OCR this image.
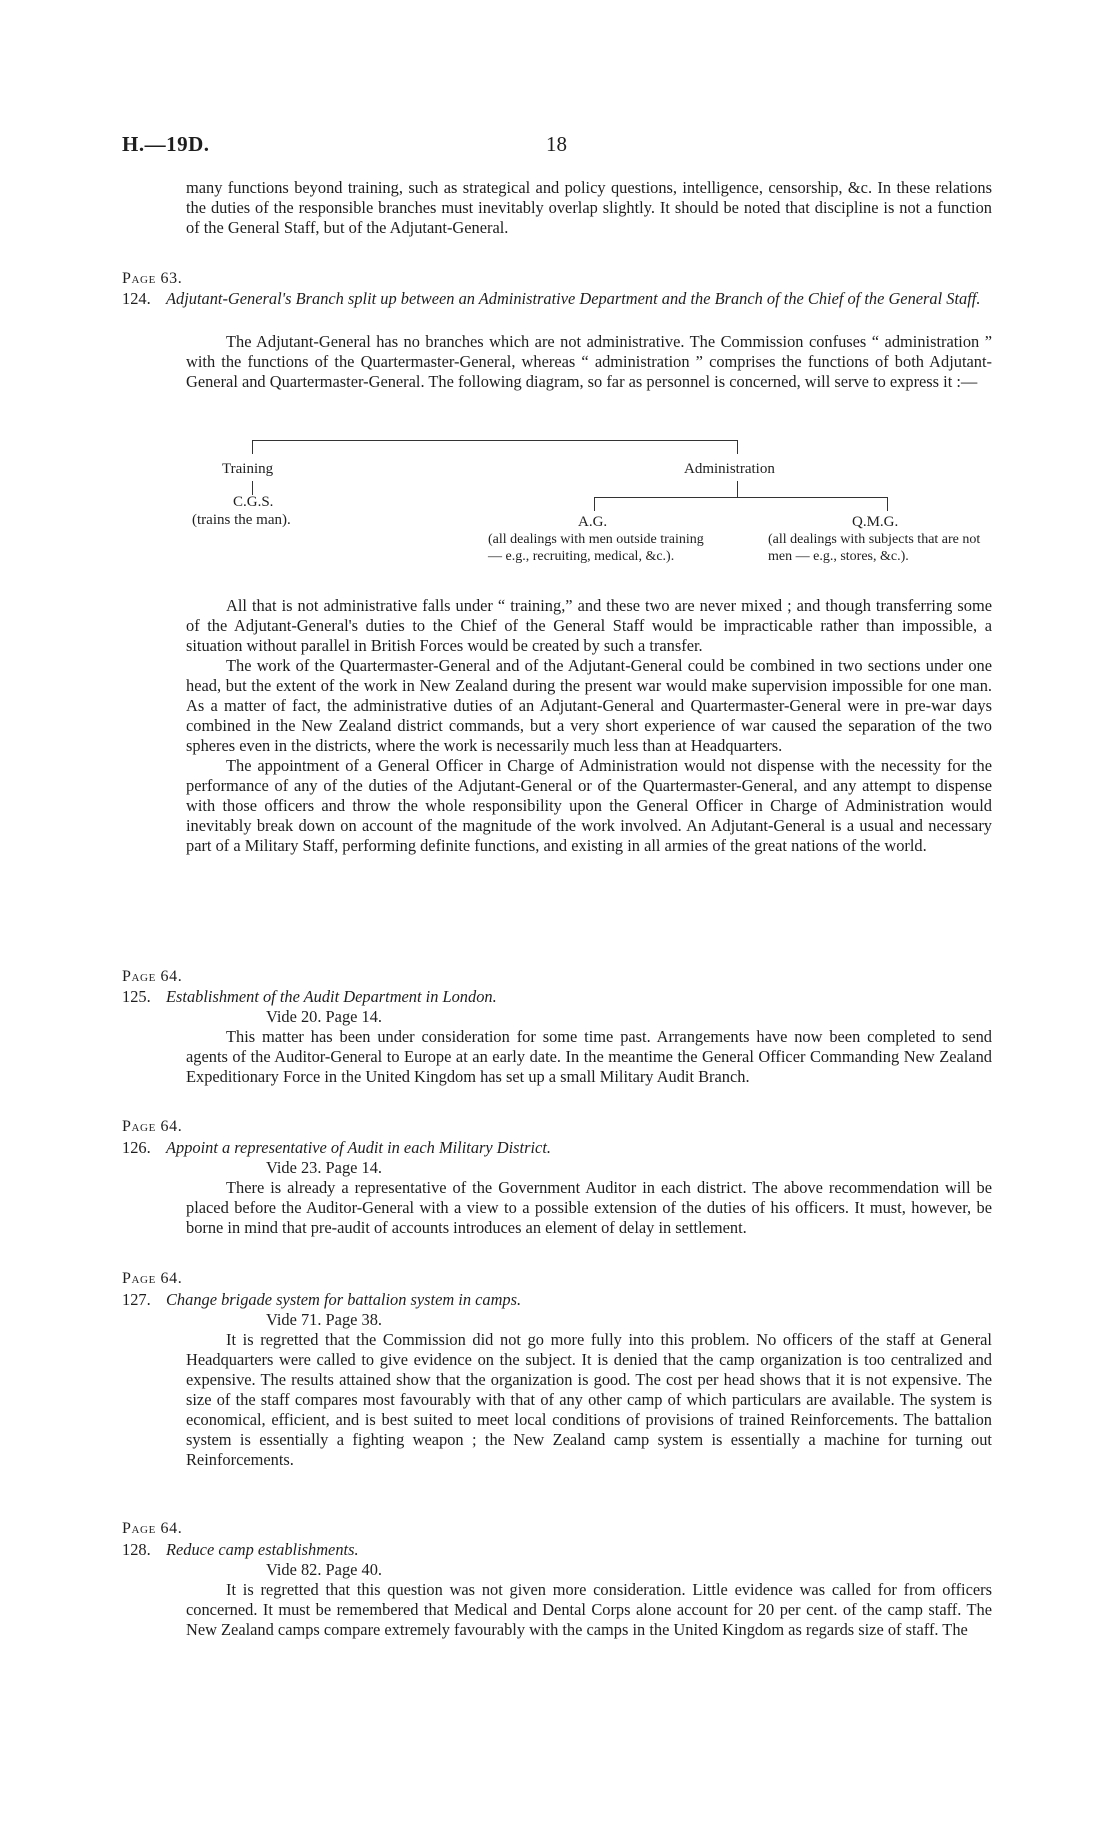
H.—19D.	18

many functions beyond training, such as strategical and policy questions, intelligence, censorship, &c. In these relations the duties of the responsible branches must inevitably overlap slightly. It should be noted that discipline is not a function of the General Staff, but of the Adjutant-General.

Page 63.
124. Adjutant-General's Branch split up between an Administrative Department and the Branch of the Chief of the General Staff.

The Adjutant-General has no branches which are not administrative. The Commission confuses “ administration ” with the functions of the Quartermaster-General, whereas “ administration ” comprises the functions of both Adjutant-General and Quartermaster-General. The following diagram, so far as personnel is concerned, will serve to express it :—

Training	Administration
C.G.S.
(trains the man).	A.G.
(all dealings with men outside training — e.g., recruiting, medical, &c.).
Q.M.G.
(all dealings with subjects that are not men — e.g., stores, &c.).

All that is not administrative falls under “ training,” and these two are never mixed ; and though transferring some of the Adjutant-General's duties to the Chief of the General Staff would be impracticable rather than impossible, a situation without parallel in British Forces would be created by such a transfer.

The work of the Quartermaster-General and of the Adjutant-General could be combined in two sections under one head, but the extent of the work in New Zealand during the present war would make supervision impossible for one man. As a matter of fact, the administrative duties of an Adjutant-General and Quartermaster-General were in pre-war days combined in the New Zealand district commands, but a very short experience of war caused the separation of the two spheres even in the districts, where the work is necessarily much less than at Headquarters.

The appointment of a General Officer in Charge of Administration would not dispense with the necessity for the performance of any of the duties of the Adjutant-General or of the Quartermaster-General, and any attempt to dispense with those officers and throw the whole responsibility upon the General Officer in Charge of Administration would inevitably break down on account of the magnitude of the work involved. An Adjutant-General is a usual and necessary part of a Military Staff, performing definite functions, and existing in all armies of the great nations of the world.

Page 64.
125. Establishment of the Audit Department in London.
Vide 20. Page 14.

This matter has been under consideration for some time past. Arrangements have now been completed to send agents of the Auditor-General to Europe at an early date. In the meantime the General Officer Commanding New Zealand Expeditionary Force in the United Kingdom has set up a small Military Audit Branch.

Page 64.
126. Appoint a representative of Audit in each Military District.
Vide 23. Page 14.

There is already a representative of the Government Auditor in each district. The above recommendation will be placed before the Auditor-General with a view to a possible extension of the duties of his officers. It must, however, be borne in mind that pre-audit of accounts introduces an element of delay in settlement.

Page 64.
127. Change brigade system for battalion system in camps.
Vide 71. Page 38.

It is regretted that the Commission did not go more fully into this problem. No officers of the staff at General Headquarters were called to give evidence on the subject. It is denied that the camp organization is too centralized and expensive. The results attained show that the organization is good. The cost per head shows that it is not expensive. The size of the staff compares most favourably with that of any other camp of which particulars are available. The system is economical, efficient, and is best suited to meet local conditions of provisions of trained Reinforcements. The battalion system is essentially a fighting weapon ; the New Zealand camp system is essentially a machine for turning out Reinforcements.

Page 64.
128. Reduce camp establishments.
Vide 82. Page 40.

It is regretted that this question was not given more consideration. Little evidence was called for from officers concerned. It must be remembered that Medical and Dental Corps alone account for 20 per cent. of the camp staff. The New Zealand camps compare extremely favourably with the camps in the United Kingdom as regards size of staff. The
